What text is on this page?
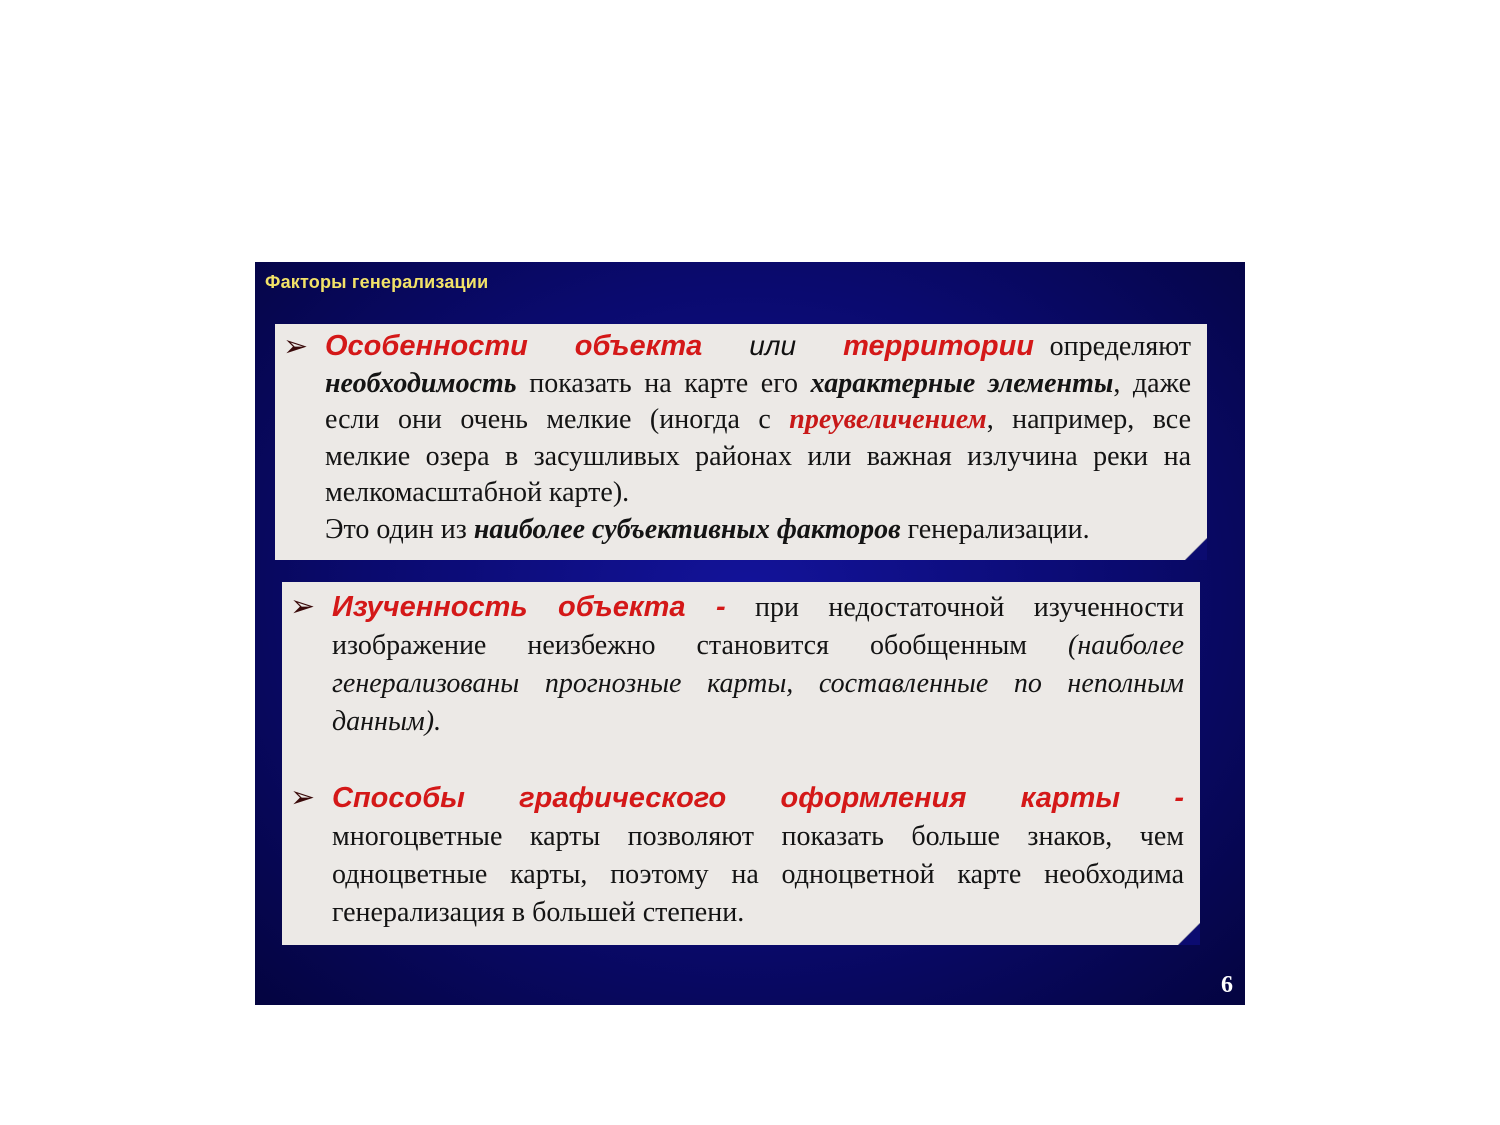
Факторы генерализации
➢ Особенности объекта или территории определяют необходимость показать на карте его характерные элементы, даже если они очень мелкие (иногда с преувеличением, например, все мелкие озера в засушливых районах или важная излучина реки на мелкомасштабной карте).
Это один из наиболее субъективных факторов генерализации.
➢ Изученность объекта - при недостаточной изученности изображение неизбежно становится обобщенным (наиболее генерализованы прогнозные карты, составленные по неполным данным).
➢ Способы графического оформления карты - многоцветные карты позволяют показать больше знаков, чем одноцветные карты, поэтому на одноцветной карте необходима генерализация в большей степени.
6
